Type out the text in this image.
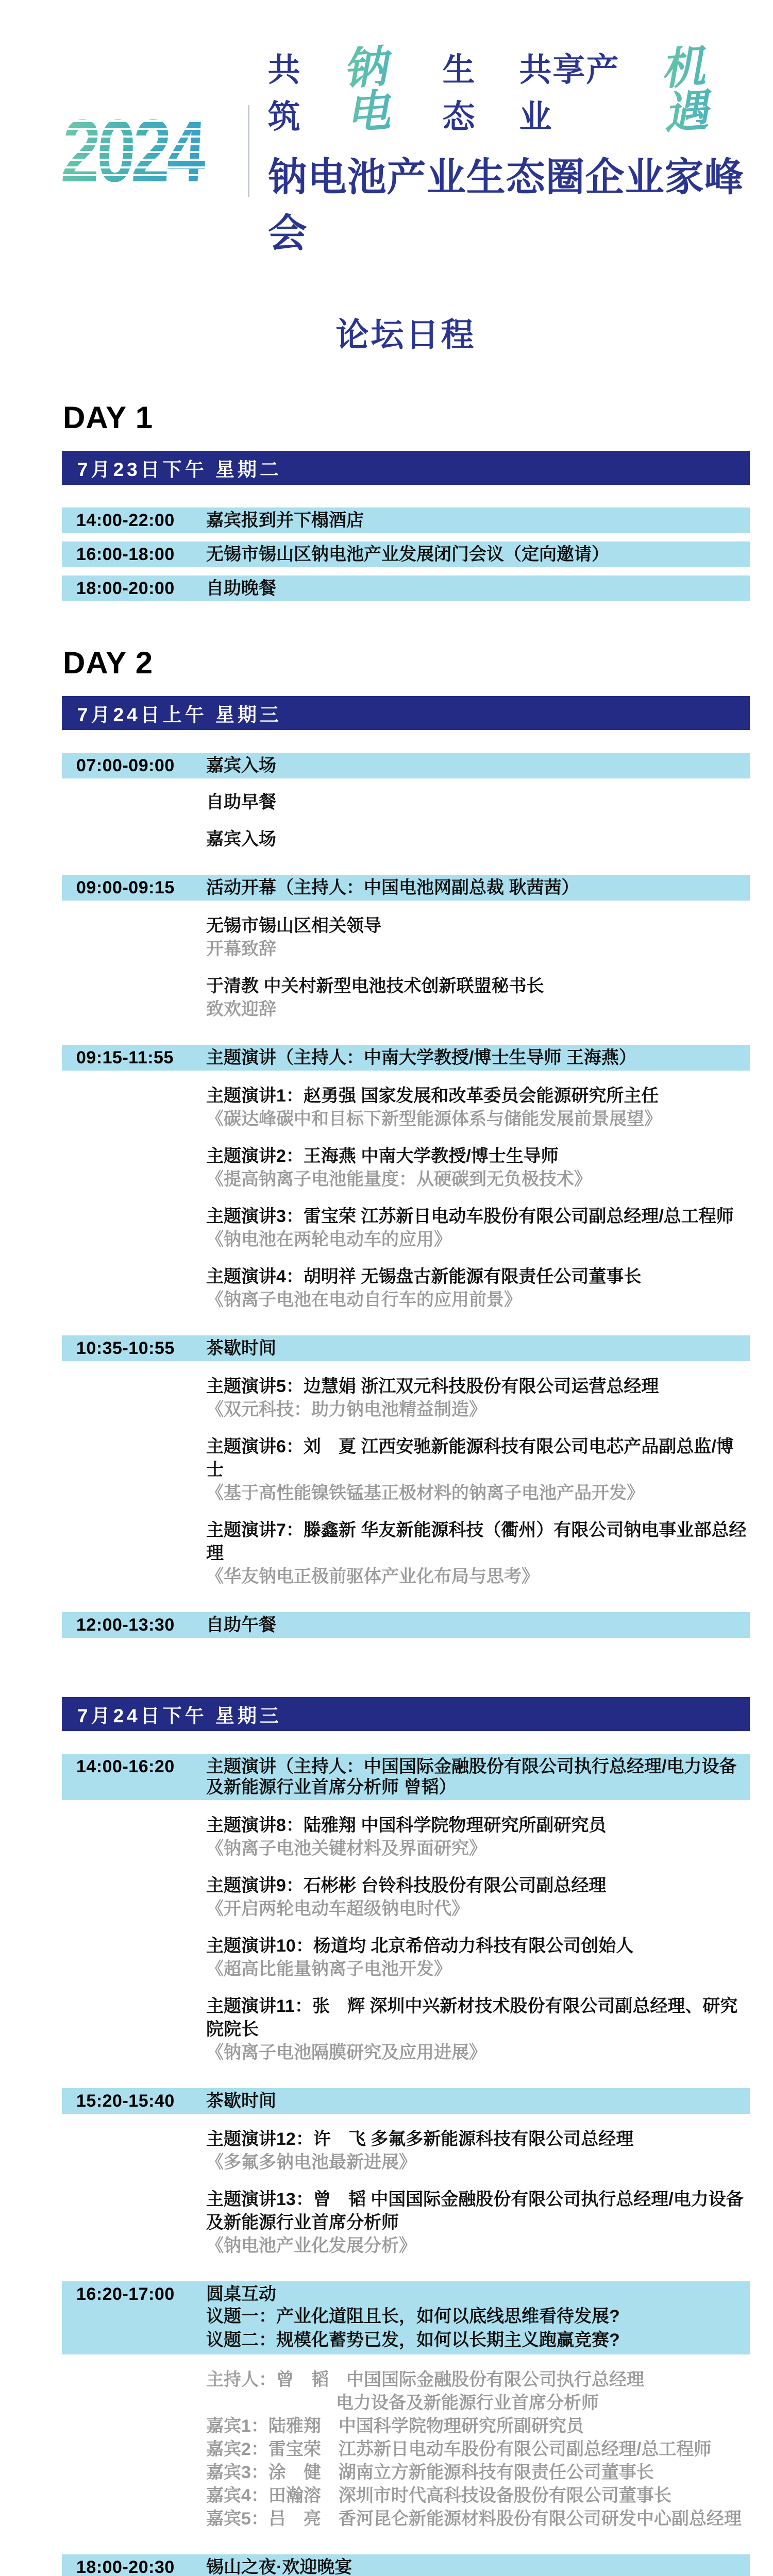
2024
共筑
钠电
生态
共享产业
机遇
钠电池产业生态圈企业家峰会
论坛日程
DAY 1
7月23日下午 星期二
14:00-22:00	嘉宾报到并下榻酒店
16:00-18:00	无锡市锡山区钠电池产业发展闭门会议（定向邀请）
18:00-20:00	自助晚餐
DAY 2
7月24日上午 星期三
07:00-09:00	嘉宾入场
自助早餐
嘉宾入场
09:00-09:15	活动开幕（主持人：中国电池网副总裁 耿茜茜）
无锡市锡山区相关领导
开幕致辞
于清教 中关村新型电池技术创新联盟秘书长
致欢迎辞
09:15-11:55	主题演讲（主持人：中南大学教授/博士生导师 王海燕）
主题演讲1：赵勇强 国家发展和改革委员会能源研究所主任
《碳达峰碳中和目标下新型能源体系与储能发展前景展望》
主题演讲2：王海燕 中南大学教授/博士生导师
《提高钠离子电池能量度：从硬碳到无负极技术》
主题演讲3：雷宝荣 江苏新日电动车股份有限公司副总经理/总工程师
《钠电池在两轮电动车的应用》
主题演讲4：胡明祥 无锡盘古新能源有限责任公司董事长
《钠离子电池在电动自行车的应用前景》
10:35-10:55	茶歇时间
主题演讲5：边慧娟 浙江双元科技股份有限公司运营总经理
《双元科技：助力钠电池精益制造》
主题演讲6：刘　夏 江西安驰新能源科技有限公司电芯产品副总监/博士
《基于高性能镍铁锰基正极材料的钠离子电池产品开发》
主题演讲7：滕鑫新 华友新能源科技（衢州）有限公司钠电事业部总经理
《华友钠电正极前驱体产业化布局与思考》
12:00-13:30	自助午餐
7月24日下午 星期三
14:00-16:20	主题演讲（主持人：中国国际金融股份有限公司执行总经理/电力设备及新能源行业首席分析师 曾韬）
主题演讲8：陆雅翔 中国科学院物理研究所副研究员
《钠离子电池关键材料及界面研究》
主题演讲9：石彬彬 台铃科技股份有限公司副总经理
《开启两轮电动车超级钠电时代》
主题演讲10：杨道均 北京希倍动力科技有限公司创始人
《超高比能量钠离子电池开发》
主题演讲11：张　辉 深圳中兴新材技术股份有限公司副总经理、研究院院长
《钠离子电池隔膜研究及应用进展》
15:20-15:40	茶歇时间
主题演讲12：许　飞 多氟多新能源科技有限公司总经理
《多氟多钠电池最新进展》
主题演讲13：曾　韬 中国国际金融股份有限公司执行总经理/电力设备及新能源行业首席分析师
《钠电池产业化发展分析》
16:20-17:00	圆桌互动
议题一：产业化道阻且长，如何以底线思维看待发展?
议题二：规模化蓄势已发，如何以长期主义跑赢竞赛?
主持人：曾　韬　中国国际金融股份有限公司执行总经理
电力设备及新能源行业首席分析师
嘉宾1：陆雅翔　中国科学院物理研究所副研究员
嘉宾2：雷宝荣　江苏新日电动车股份有限公司副总经理/总工程师
嘉宾3：涂　健　湖南立方新能源科技有限责任公司董事长
嘉宾4：田瀚溶　深圳市时代高科技设备股份有限公司董事长
嘉宾5：吕　亮　香河昆仑新能源材料股份有限公司研发中心副总经理
18:00-20:30	锡山之夜·欢迎晚宴
